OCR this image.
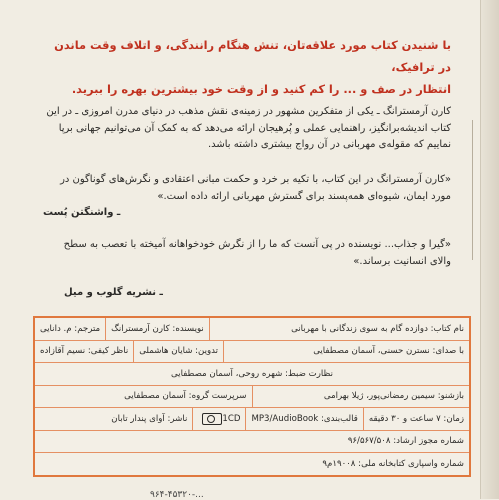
با شنیدن کتاب مورد علاقه‌تان، تنش هنگام رانندگی، و اتلاف وقت ماندن در ترافیک،
انتظار در صف و ... را کم کنید و از وقت خود بیشترین بهره را ببرید.
کارن آرمسترانگ ـ یکی از متفکرین مشهور در زمینه‌ی نقش مذهب در دنیای مدرن امروزی ـ در این کتاب اندیشه‌برانگیز، راهنمایی عملی و پُرهیجان ارائه می‌دهد که به کمک آن می‌توانیم جهانی برپا نماییم که مقوله‌ی مهربانی در آن رواج بیشتری داشته باشد.
«کارن آرمسترانگ در این کتاب، با تکیه بر خرد و حکمت مبانی اعتقادی و نگرش‌های گوناگون در مورد ایمان، شیوه‌ای همه‌پسند برای گسترش مهربانی ارائه داده است.»
ـ واشنگتن پُست
«گیرا و جذاب... نویسنده در پی آنست که ما را از نگرش خودخواهانه آمیخته با تعصب به سطح والای انسانیت برساند.»
ـ نشریه گلوب و میل
نام کتاب: دوازده گام به سوی زندگانی با مهربانی
نویسنده: کارن آرمسترانگ
مترجم: م. دانایی
با صدای: نسترن حسنی، آسمان مصطفایی
تدوین: شایان هاشملی
ناظر کیفی: نسیم آقازاده
نظارت ضبط: شهره روحی، آسمان مصطفایی
بازشنو: سیمین رمضانی‌پور، ژیلا بهرامی
سرپرست گروه: آسمان مصطفایی
زمان: ۷ ساعت و ۳۰ دقیقه
قالب‌بندی: MP3/AudioBook
1CD
ناشر: آوای پندار تابان
شماره مجوز ارشاد: ۹۶/۵۶۷/۵۰۸
شماره واسپاری کتابخانه ملی: ۱۹۰۰۸م۹
۹۶۴-۴۵۳۲۰-...
